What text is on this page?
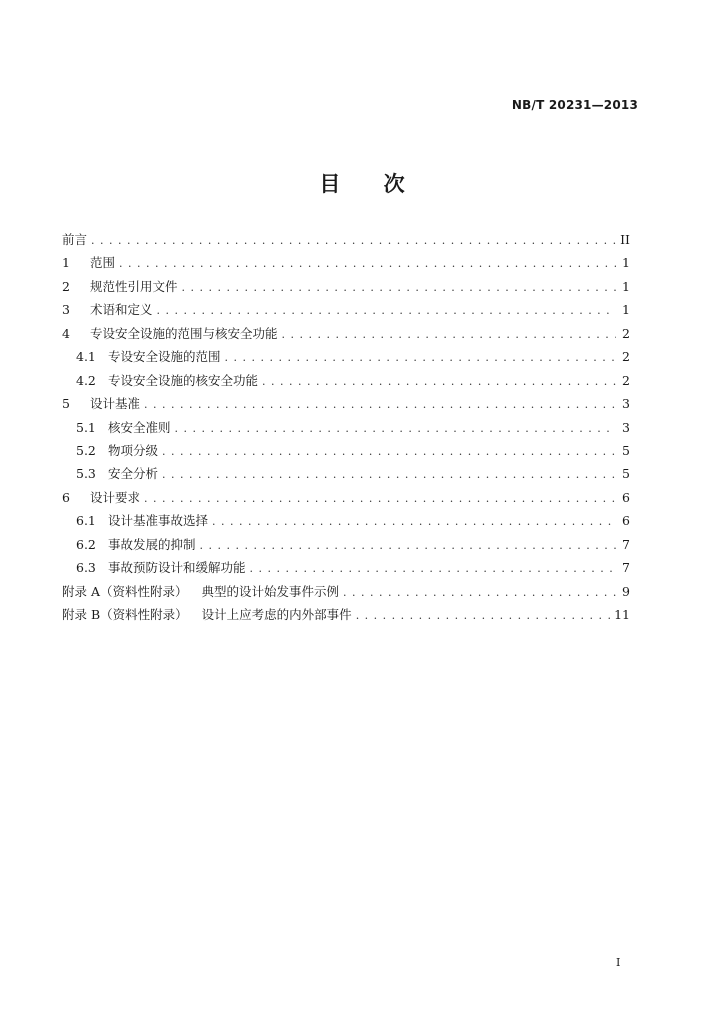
NB/T 20231—2013
目 次
前言 . . .	II
1	范围 . . .	1
2	规范性引用文件 . . .	1
3	术语和定义 . . .	1
4	专设安全设施的范围与核安全功能 . . .	2
4.1 专设安全设施的范围 . . .	2
4.2 专设安全设施的核安全功能 . . .	2
5	设计基准 . . .	3
5.1 核安全准则 . . .	3
5.2 物项分级 . . .	5
5.3 安全分析 . . .	5
6	设计要求 . . .	6
6.1 设计基准事故选择 . . .	6
6.2 事故发展的抑制 . . .	7
6.3 事故预防设计和缓解功能 . . .	7
附录 A（资料性附录） 典型的设计始发事件示例 . . .	9
附录 B（资料性附录） 设计上应考虑的内外部事件 . . .	11
I
